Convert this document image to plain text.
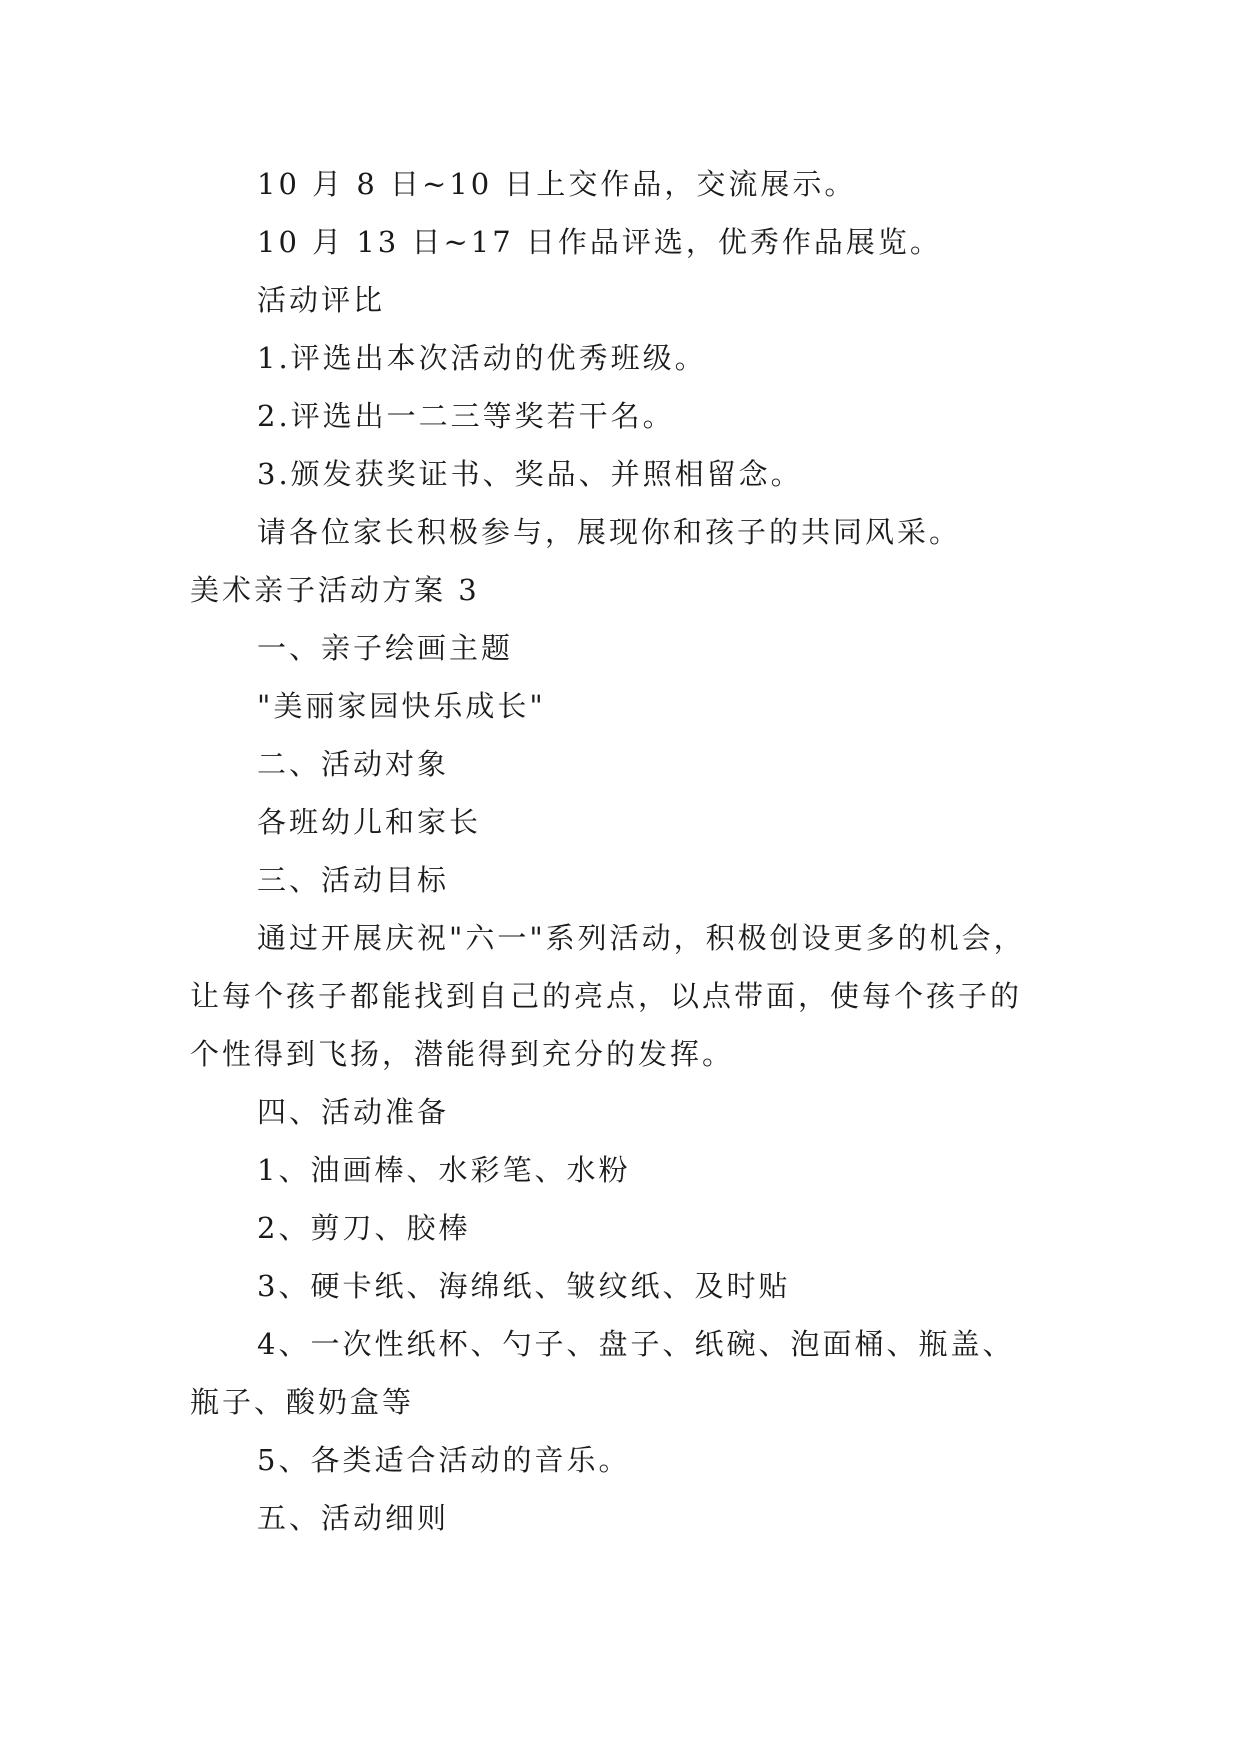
10 月 8 日~10 日上交作品，交流展示。
10 月 13 日~17 日作品评选，优秀作品展览。
活动评比
1.评选出本次活动的优秀班级。
2.评选出一二三等奖若干名。
3.颁发获奖证书、奖品、并照相留念。
请各位家长积极参与，展现你和孩子的共同风采。
美术亲子活动方案 3
一、亲子绘画主题
"美丽家园快乐成长"
二、活动对象
各班幼儿和家长
三、活动目标
通过开展庆祝"六一"系列活动，积极创设更多的机会，
让每个孩子都能找到自己的亮点，以点带面，使每个孩子的
个性得到飞扬，潜能得到充分的发挥。
四、活动准备
1、油画棒、水彩笔、水粉
2、剪刀、胶棒
3、硬卡纸、海绵纸、皱纹纸、及时贴
4、一次性纸杯、勺子、盘子、纸碗、泡面桶、瓶盖、
瓶子、酸奶盒等
5、各类适合活动的音乐。
五、活动细则
